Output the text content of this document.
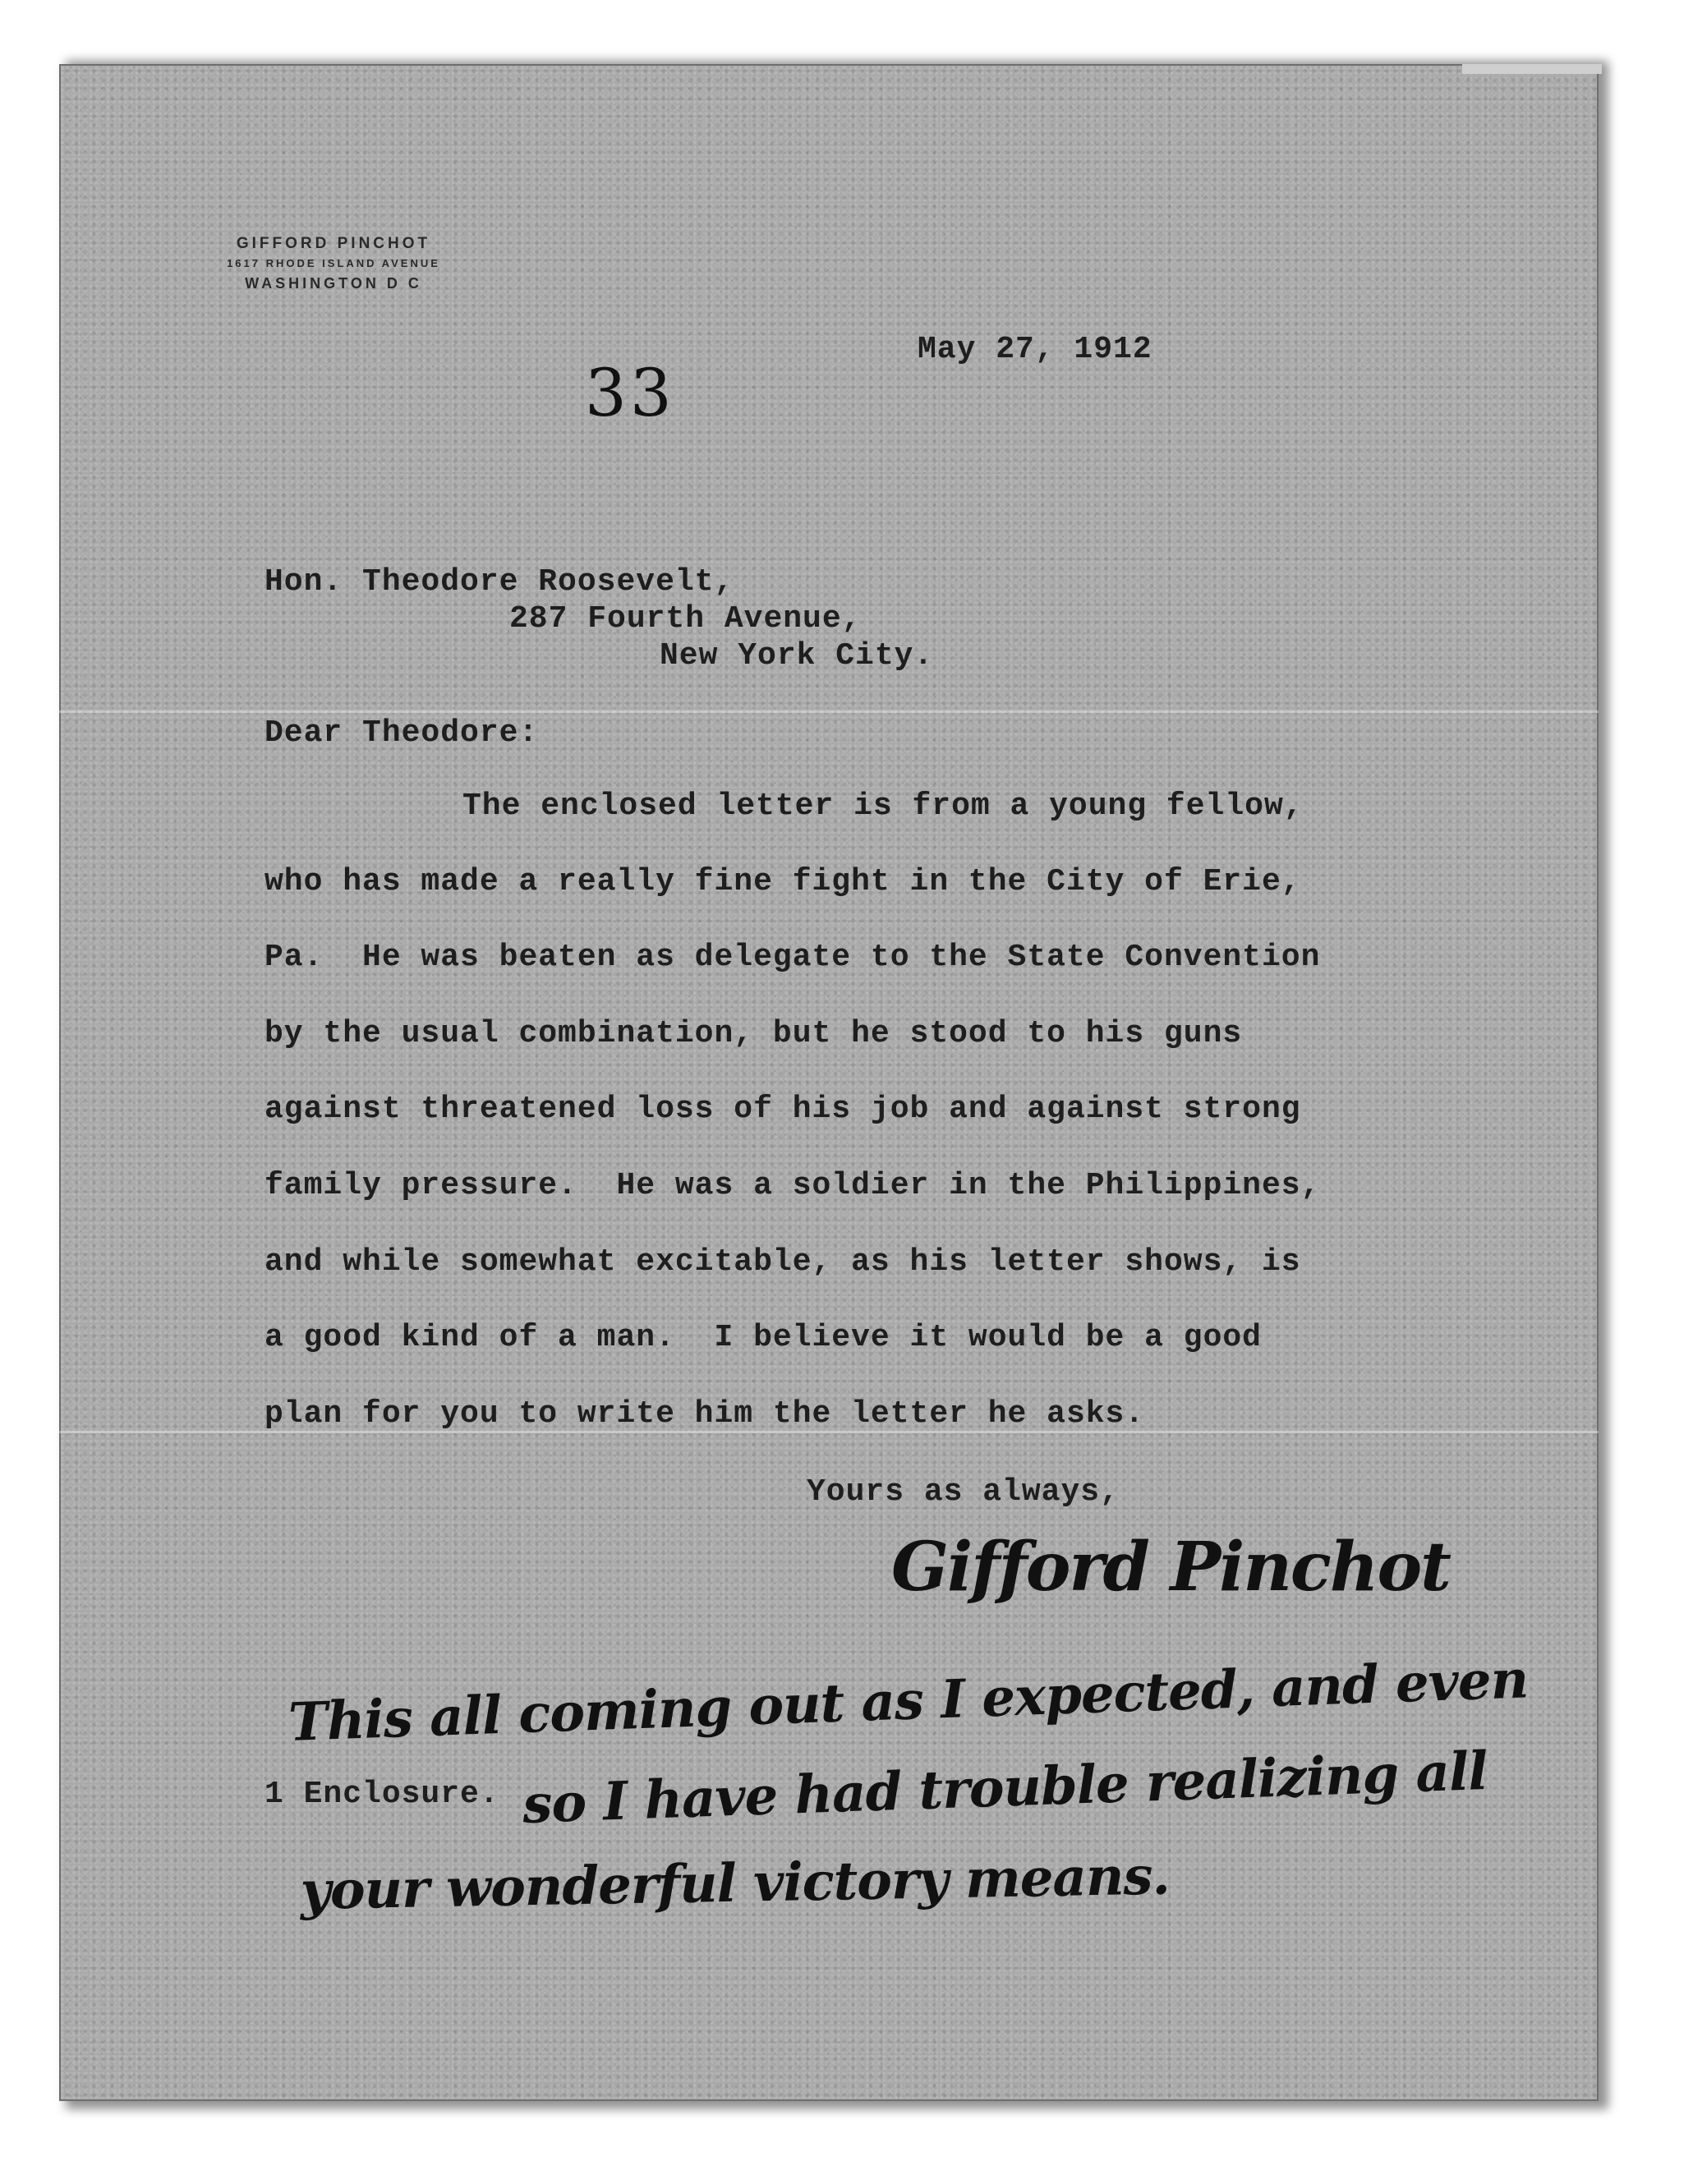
GIFFORD PINCHOT
1617 RHODE ISLAND AVENUE
WASHINGTON D C
May 27, 1912
33
Hon. Theodore Roosevelt,
287 Fourth Avenue,
New York City.
Dear Theodore:
The enclosed letter is from a young fellow,
who has made a really fine fight in the City of Erie,
Pa.  He was beaten as delegate to the State Convention
by the usual combination, but he stood to his guns
against threatened loss of his job and against strong
family pressure.  He was a soldier in the Philippines,
and while somewhat excitable, as his letter shows, is
a good kind of a man.  I believe it would be a good
plan for you to write him the letter he asks.
Yours as always,
Gifford Pinchot
1 Enclosure.
This all coming out as I expected, and even
so I have had trouble realizing all
your wonderful victory means.
